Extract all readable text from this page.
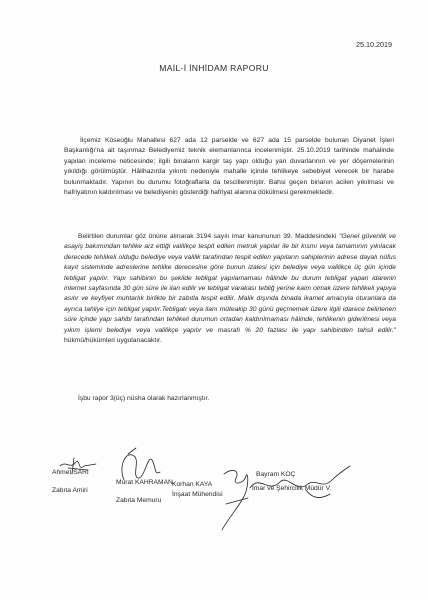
25.10.2019
MAİL-İ İNHİDAM RAPORU

İlçemiz Köseoğlu Mahallesi 627 ada 12 parselde ve 627 ada 15 parselde bulunan Diyanet İşleri Başkanlığı'na ait taşınmaz Belediyemiz teknik elemanlarınca incelenmiştir. 25.10.2019 tarihinde mahalinde yapılan inceleme neticesinde; ilgili binaların kargir taş yapı olduğu yan duvarlarının ve yer döşemelerinin yıkıldığı görülmüştür. Hâlihazırda yıkıntı nedeniyle mahalle içinde tehlikeye sebebiyet verecek bir harabe bulunmaktadır. Yapının bu durumu fotoğraflarla da tescillenmiştir. Bahsi geçen binanın acilen yıkılması ve hafriyatının kaldırılması ve belediyenin gösterdiği hafriyat alanına dökülmesi gerekmektedir.

Belirtilen durumlar göz önüne alınarak 3194 sayılı imar kanununun 39. Maddesindeki "Genel güvenlik ve asayiş bakımından tehlike arz ettiği valilikçe tespit edilen metruk yapılar ile bir kısmı veya tamamının yıkılacak derecede tehlikeli olduğu belediye veya valilik tarafından tespit edilen yapıların sahiplerinin adrese dayalı nüfus kayıt sisteminde adreslerine tehlike derecesine göre bunun izalesi için belediye veya valilikçe üç gün içinde tebligat yapılır. Yapı sahibinin bu şekilde tebligat yapılamaması hâlinde bu durum tebligat yapan idarenin internet sayfasında 30 gün süre ile ilan edilir ve tebligat varakası tebliğ yerine kaim olmak üzere tehlikeli yapıya asılır ve keyfiyet muhtarlık birlikte bir zabıtla tespit edilir. Malik dışında binada ikamet amacıyla oturanlara da ayrıca tahliye için tebligat yapılır.Tebligatı veya ilanı müteakip 30 günü geçmemek üzere ilgili idarece belirlenen süre içinde yapı sahibi tarafından tehlikeli durumun ortadan kaldırılmaması hâlinde, tehlikenin giderilmesi veya yıkım işlemi belediye veya valilikçe yapılır ve masrafı % 20 fazlası ile yapı sahibinden tahsil edilir." hükmü/hükümleri uygulanacaktır.

İşbu rapor 3(üç) nüsha olarak hazırlanmıştır.

Ahmet SARI
Zabıta Amiri
Murat KAHRAMAN
Zabıta Memuru
Korhan KAYA
İnşaat Mühendisi
Bayram KOÇ
İmar ve Şehircilik Müdür V.
